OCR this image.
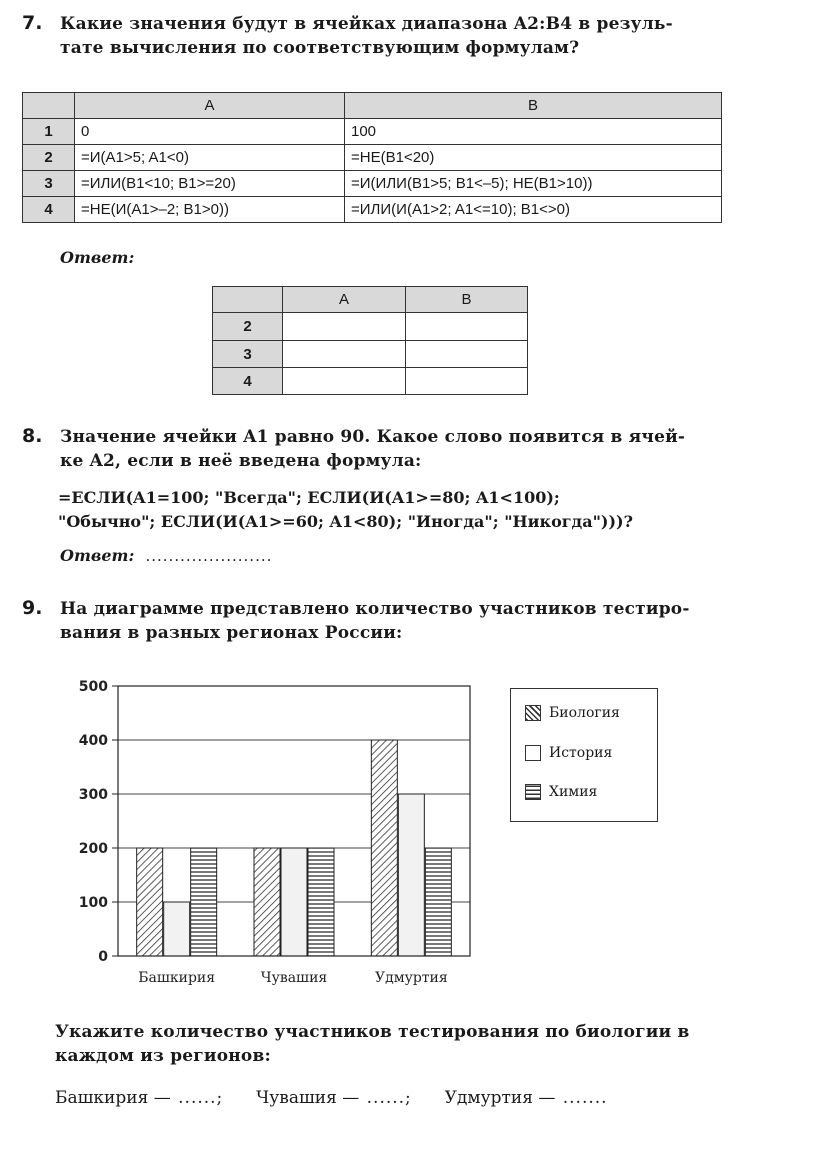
7. Какие значения будут в ячейках диапазона A2:B4 в резуль-
тате вычисления по соответствующим формулам?
	A	B
1	0	100
2	=И(A1>5; A1<0)	=НЕ(B1<20)
3	=ИЛИ(B1<10; B1>=20)	=И(ИЛИ(B1>5; B1<–5); НЕ(B1>10))
4	=НЕ(И(A1>–2; B1>0))	=ИЛИ(И(A1>2; A1<=10); B1<>0)
Ответ:
	A	B
2		
3		
4		
8. Значение ячейки A1 равно 90. Какое слово появится в ячей-
ке A2, если в неё введена формула:
=ЕСЛИ(A1=100; "Всегда"; ЕСЛИ(И(A1>=80; A1<100);
"Обычно"; ЕСЛИ(И(A1>=60; A1<80); "Иногда"; "Никогда")))?
Ответ: ......................
9. На диаграмме представлено количество участников тестиро-
вания в разных регионах России:
0
100
200
300
400
500
Башкирия	Чувашия	Удмуртия
Биология
История
Химия
Укажите количество участников тестирования по биологии в
каждом из регионов:
Башкирия — ......; Чувашия — ......; Удмуртия — .......
